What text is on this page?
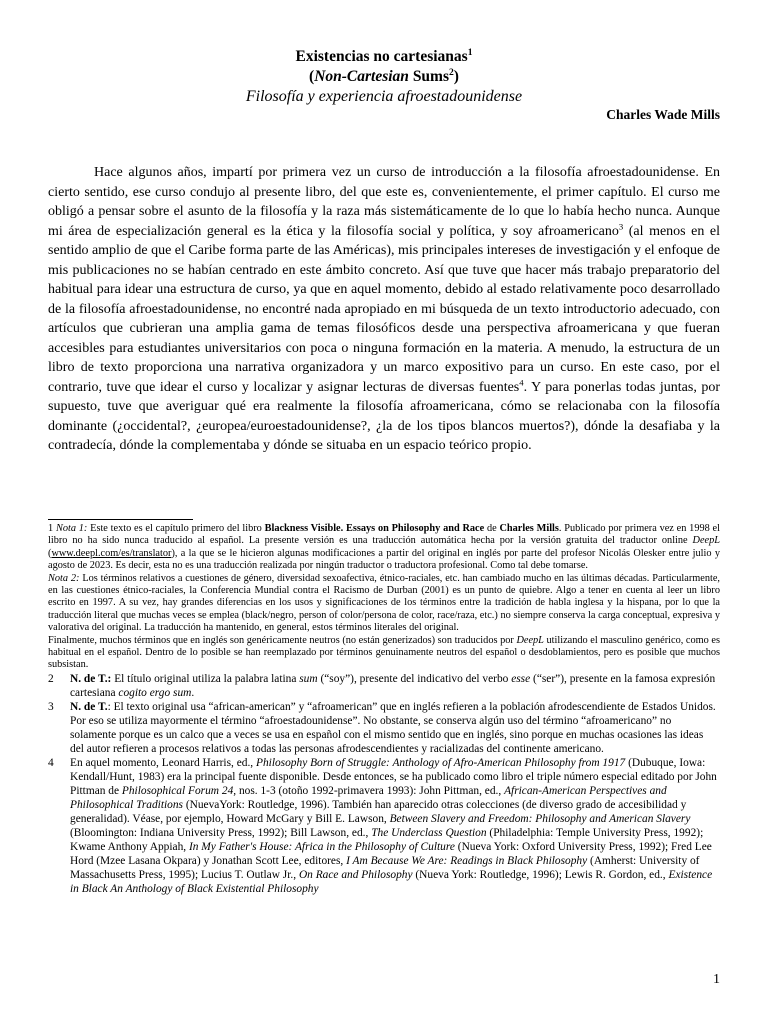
Existencias no cartesianas$^1$
(Non-Cartesian Sums$^2$)
Filosofía y experiencia afroestadounidense
Charles Wade Mills

Hace algunos años, impartí por primera vez un curso de introducción a la filosofía afroestadounidense. En cierto sentido, ese curso condujo al presente libro, del que este es, convenientemente, el primer capítulo. El curso me obligó a pensar sobre el asunto de la filosofía y la raza más sistemáticamente de lo que lo había hecho nunca. Aunque mi área de especialización general es la ética y la filosofía social y política, y soy afroamericano$^3$ (al menos en el sentido amplio de que el Caribe forma parte de las Américas), mis principales intereses de investigación y el enfoque de mis publicaciones no se habían centrado en este ámbito concreto. Así que tuve que hacer más trabajo preparatorio del habitual para idear una estructura de curso, ya que en aquel momento, debido al estado relativamente poco desarrollado de la filosofía afroestadounidense, no encontré nada apropiado en mi búsqueda de un texto introductorio adecuado, con artículos que cubrieran una amplia gama de temas filosóficos desde una perspectiva afroamericana y que fueran accesibles para estudiantes universitarios con poca o ninguna formación en la materia. A menudo, la estructura de un libro de texto proporciona una narrativa organizadora y un marco expositivo para un curso. En este caso, por el contrario, tuve que idear el curso y localizar y asignar lecturas de diversas fuentes$^4$. Y para ponerlas todas juntas, por supuesto, tuve que averiguar qué era realmente la filosofía afroamericana, cómo se relacionaba con la filosofía dominante (¿occidental?, ¿europea/euroestadounidense?, ¿la de los tipos blancos muertos?), dónde la desafiaba y la contradecía, dónde la complementaba y dónde se situaba en un espacio teórico propio.

1 Nota 1: Este texto es el capítulo primero del libro Blackness Visible. Essays on Philosophy and Race de Charles Mills. Publicado por primera vez en 1998 el libro no ha sido nunca traducido al español. La presente versión es una traducción automática hecha por la versión gratuita del traductor online DeepL (www.deepl.com/es/translator), a la que se le hicieron algunas modificaciones a partir del original en inglés por parte del profesor Nicolás Olesker entre julio y agosto de 2023. Es decir, esta no es una traducción realizada por ningún traductor o traductora profesional. Como tal debe tomarse.

Nota 2: Los términos relativos a cuestiones de género, diversidad sexoafectiva, étnico-raciales, etc. han cambiado mucho en las últimas décadas. Particularmente, en las cuestiones étnico-raciales, la Conferencia Mundial contra el Racismo de Durban (2001) es un punto de quiebre. Algo a tener en cuenta al leer un libro escrito en 1997. A su vez, hay grandes diferencias en los usos y significaciones de los términos entre la tradición de habla inglesa y la hispana, por lo que la traducción literal que muchas veces se emplea (black/negro, person of color/persona de color, race/raza, etc.) no siempre conserva la carga conceptual, expresiva y valorativa del original. La traducción ha mantenido, en general, estos términos literales del original.

Finalmente, muchos términos que en inglés son genéricamente neutros (no están generizados) son traducidos por DeepL utilizando el masculino genérico, como es habitual en el español. Dentro de lo posible se han reemplazado por términos genuinamente neutros del español o desdoblamientos, pero es posible que muchos subsistan.

2 N. de T.: El título original utiliza la palabra latina sum (“soy”), presente del indicativo del verbo esse (“ser”), presente en la famosa expresión cartesiana cogito ergo sum.

3 N. de T.: El texto original usa “african-american” y “afroamerican” que en inglés refieren a la población afrodescendiente de Estados Unidos. Por eso se utiliza mayormente el término “afroestadounidense”. No obstante, se conserva algún uso del término “afroamericano” no solamente porque es un calco que a veces se usa en español con el mismo sentido que en inglés, sino porque en muchas ocasiones las ideas del autor refieren a procesos relativos a todas las personas afrodescendientes y racializadas del continente americano.

4 En aquel momento, Leonard Harris, ed., Philosophy Born of Struggle: Anthology of Afro-American Philosophy from 1917 (Dubuque, Iowa: Kendall/Hunt, 1983) era la principal fuente disponible. Desde entonces, se ha publicado como libro el triple número especial editado por John Pittman de Philosophical Forum 24, nos. 1-3 (otoño 1992-primavera 1993): John Pittman, ed., African-American Perspectives and Philosophical Traditions (NuevaYork: Routledge, 1996). También han aparecido otras colecciones (de diverso grado de accesibilidad y generalidad). Véase, por ejemplo, Howard McGary y Bill E. Lawson, Between Slavery and Freedom: Philosophy and American Slavery (Bloomington: Indiana University Press, 1992); Bill Lawson, ed., The Underclass Question (Philadelphia: Temple University Press, 1992); Kwame Anthony Appiah, In My Father's House: Africa in the Philosophy of Culture (Nueva York: Oxford University Press, 1992); Fred Lee Hord (Mzee Lasana Okpara) y Jonathan Scott Lee, editores, I Am Because We Are: Readings in Black Philosophy (Amherst: University of Massachusetts Press, 1995); Lucius T. Outlaw Jr., On Race and Philosophy (Nueva York: Routledge, 1996); Lewis R. Gordon, ed., Existence in Black An Anthology of Black Existential Philosophy

1
